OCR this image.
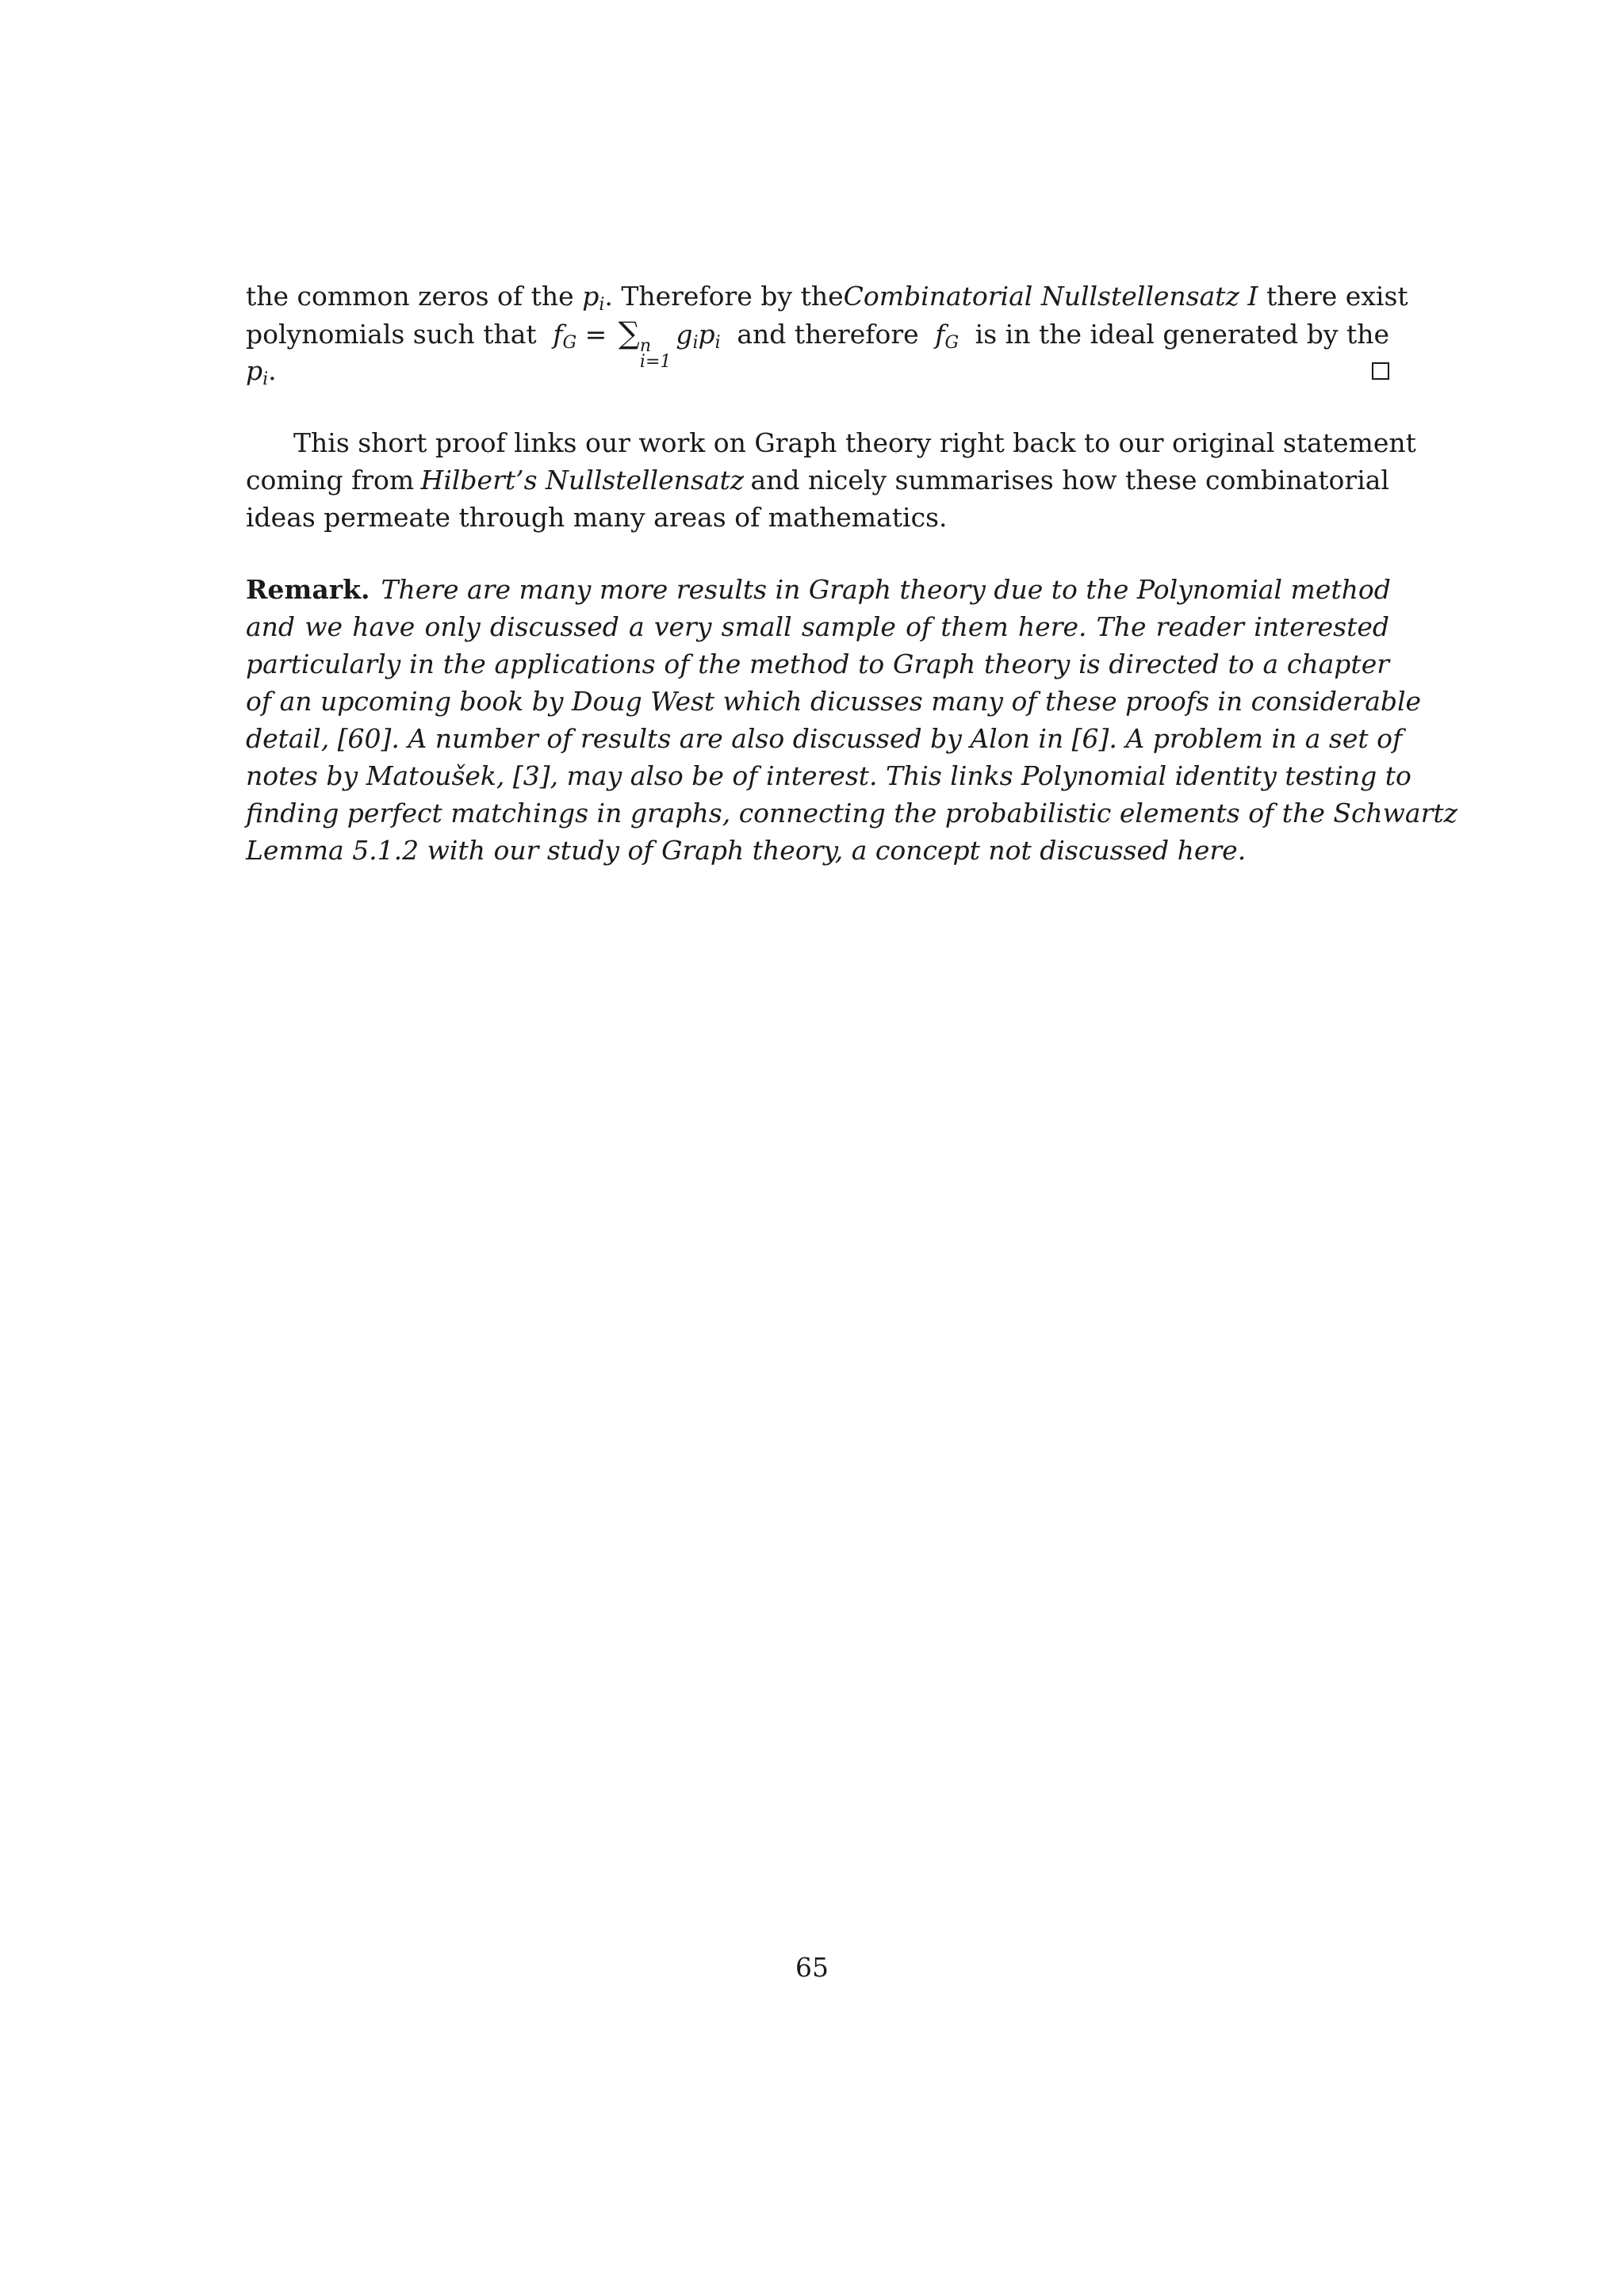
the common zeros of the $p_i$. Therefore by the Combinatorial Nullstellensatz I there exist
polynomials such that $f_G$ = ∑ n
i=1
$g_ip_i$ and therefore $f_G$ is in the ideal generated by the
$p_i$.
This short proof links our work on Graph theory right back to our original statement
coming from Hilbert’s Nullstellensatz and nicely summarises how these combinatorial
ideas permeate through many areas of mathematics.
Remark. There are many more results in Graph theory due to the Polynomial method
and we have only discussed a very small sample of them here. The reader interested
particularly in the applications of the method to Graph theory is directed to a chapter
of an upcoming book by Doug West which dicusses many of these proofs in considerable
detail, [60]. A number of results are also discussed by Alon in [6]. A problem in a set of
notes by Matoušek, [3], may also be of interest. This links Polynomial identity testing to
finding perfect matchings in graphs, connecting the probabilistic elements of the Schwartz
Lemma 5.1.2 with our study of Graph theory, a concept not discussed here.
65
